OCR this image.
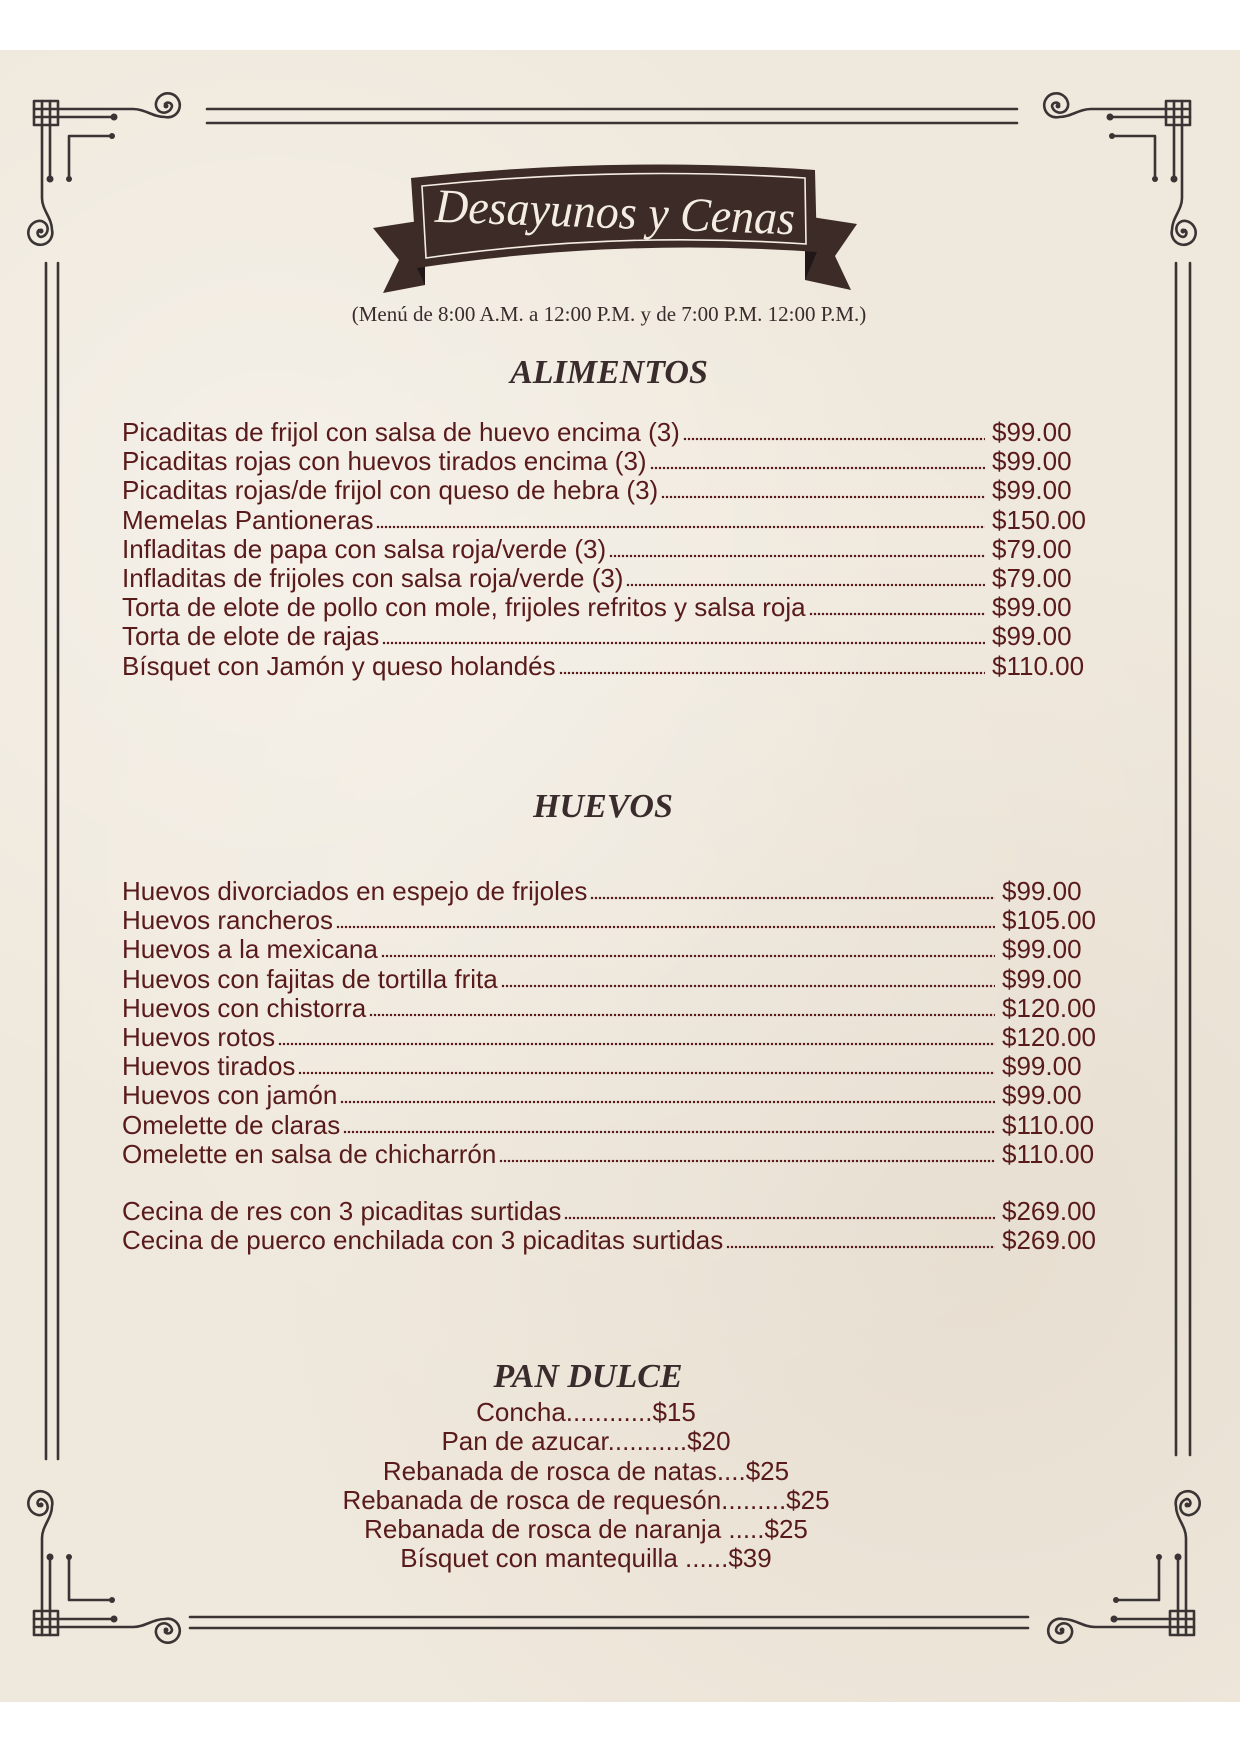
Desayunos y Cenas
(Menú de 8:00 A.M. a 12:00 P.M. y de 7:00 P.M. 12:00 P.M.)
ALIMENTOS
Picaditas de frijol con salsa de huevo encima (3)	$99.00
Picaditas rojas con huevos tirados encima (3)	$99.00
Picaditas rojas/de frijol con queso de hebra (3)	$99.00
Memelas Pantioneras	$150.00
Infladitas de papa con salsa roja/verde (3)	$79.00
Infladitas de frijoles con salsa roja/verde (3)	$79.00
Torta de elote de pollo con mole, frijoles refritos y salsa roja	$99.00
Torta de elote de rajas	$99.00
Bísquet con Jamón y queso holandés	$110.00
HUEVOS
Huevos divorciados en espejo de frijoles	$99.00
Huevos rancheros	$105.00
Huevos a la mexicana	$99.00
Huevos con fajitas de tortilla frita	$99.00
Huevos con chistorra	$120.00
Huevos rotos	$120.00
Huevos tirados	$99.00
Huevos con jamón	$99.00
Omelette de claras	$110.00
Omelette en salsa de chicharrón	$110.00
Cecina de res con 3 picaditas surtidas	$269.00
Cecina de puerco enchilada con 3 picaditas surtidas	$269.00
PAN DULCE
Concha............$15
Pan de azucar...........$20
Rebanada de rosca de natas....$25
Rebanada de rosca de requesón.........$25
Rebanada de rosca de naranja .....$25
Bísquet con mantequilla ......$39
